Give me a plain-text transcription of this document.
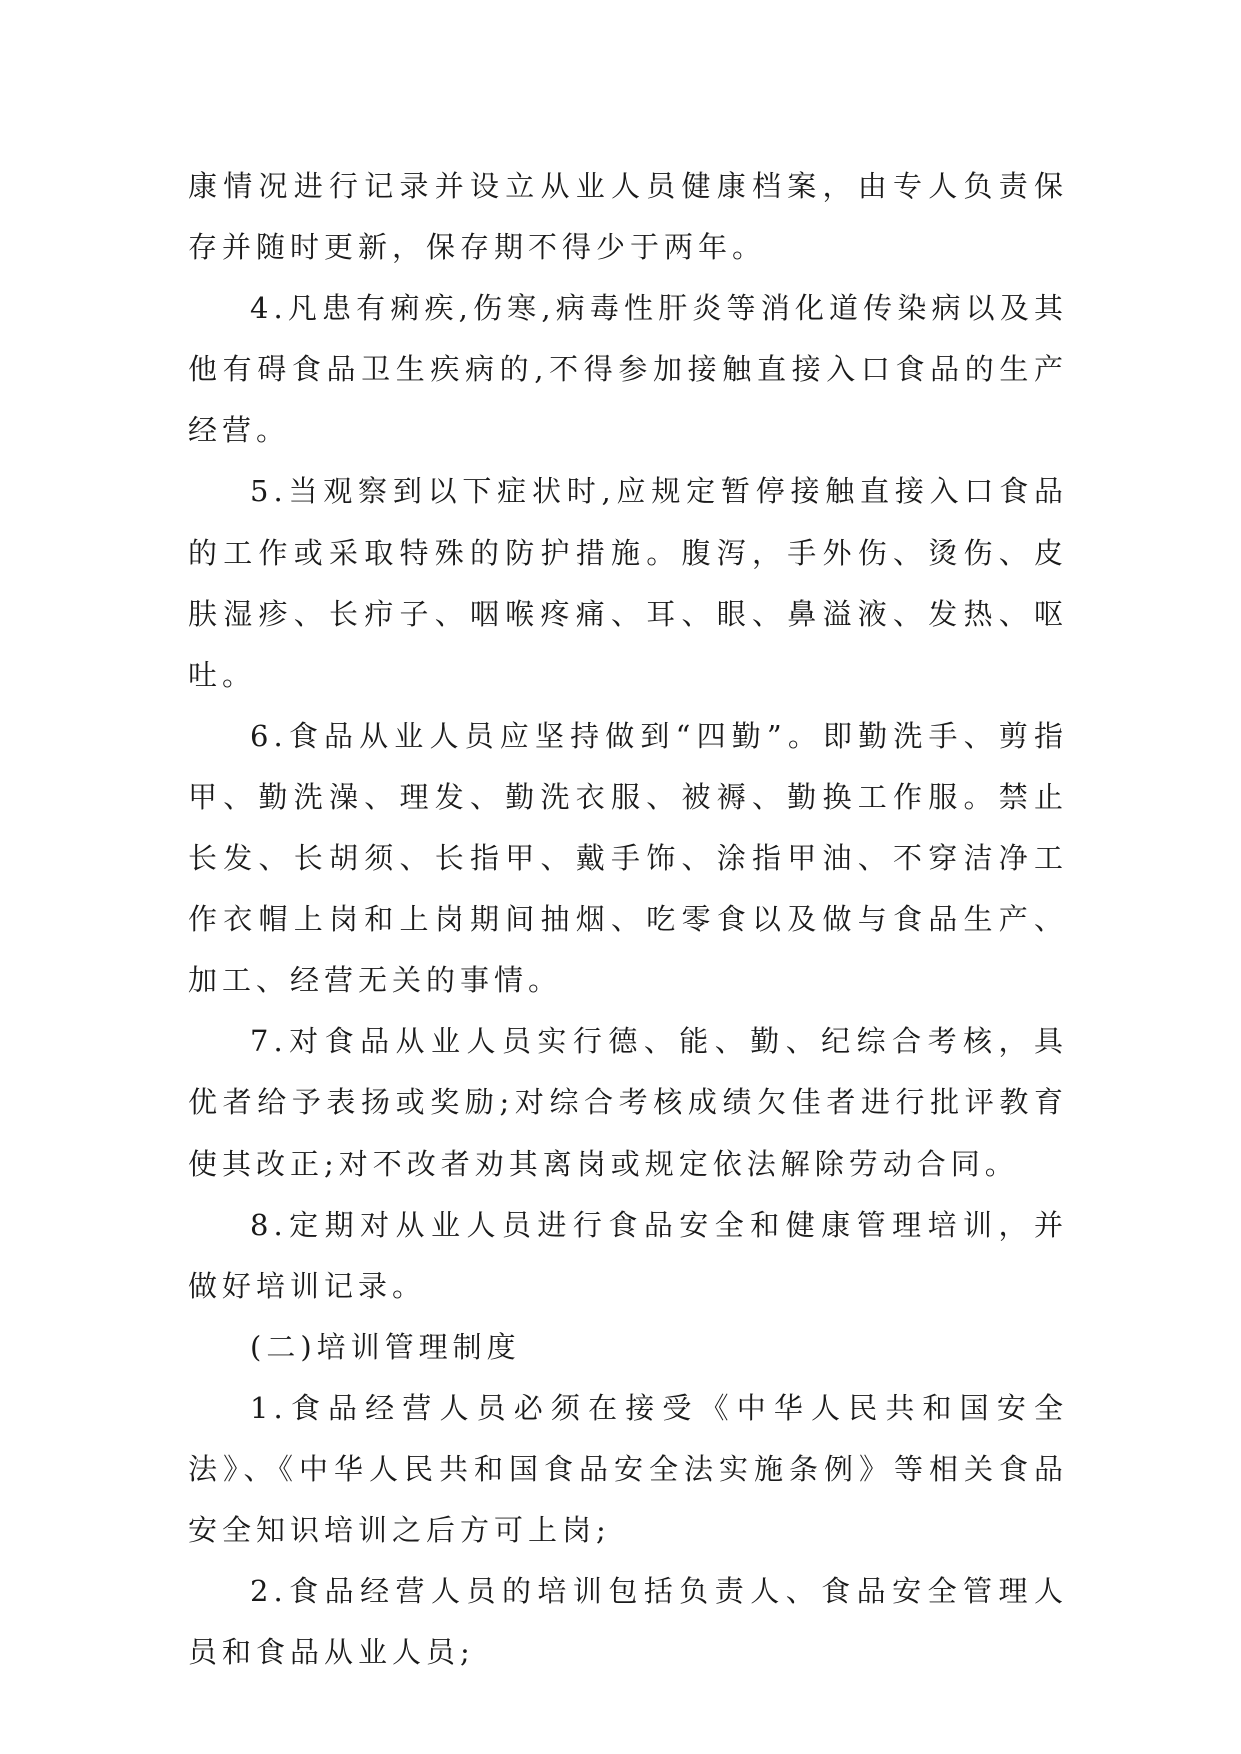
康情况进行记录并设立从业人员健康档案，由专人负责保存并随时更新，保存期不得少于两年。

4.凡患有痢疾,伤寒,病毒性肝炎等消化道传染病以及其他有碍食品卫生疾病的,不得参加接触直接入口食品的生产经营。

5.当观察到以下症状时,应规定暂停接触直接入口食品的工作或采取特殊的防护措施。腹泻，手外伤、烫伤、皮肤湿疹、长疖子、咽喉疼痛、耳、眼、鼻溢液、发热、呕吐。

6.食品从业人员应坚持做到“四勤”。即勤洗手、剪指甲、勤洗澡、理发、勤洗衣服、被褥、勤换工作服。禁止长发、长胡须、长指甲、戴手饰、涂指甲油、不穿洁净工作衣帽上岗和上岗期间抽烟、吃零食以及做与食品生产、加工、经营无关的事情。

7.对食品从业人员实行德、能、勤、纪综合考核，具优者给予表扬或奖励;对综合考核成绩欠佳者进行批评教育使其改正;对不改者劝其离岗或规定依法解除劳动合同。

8.定期对从业人员进行食品安全和健康管理培训，并做好培训记录。

(二)培训管理制度

1.食品经营人员必须在接受《中华人民共和国安全法》、《中华人民共和国食品安全法实施条例》等相关食品安全知识培训之后方可上岗;

2.食品经营人员的培训包括负责人、食品安全管理人员和食品从业人员;
